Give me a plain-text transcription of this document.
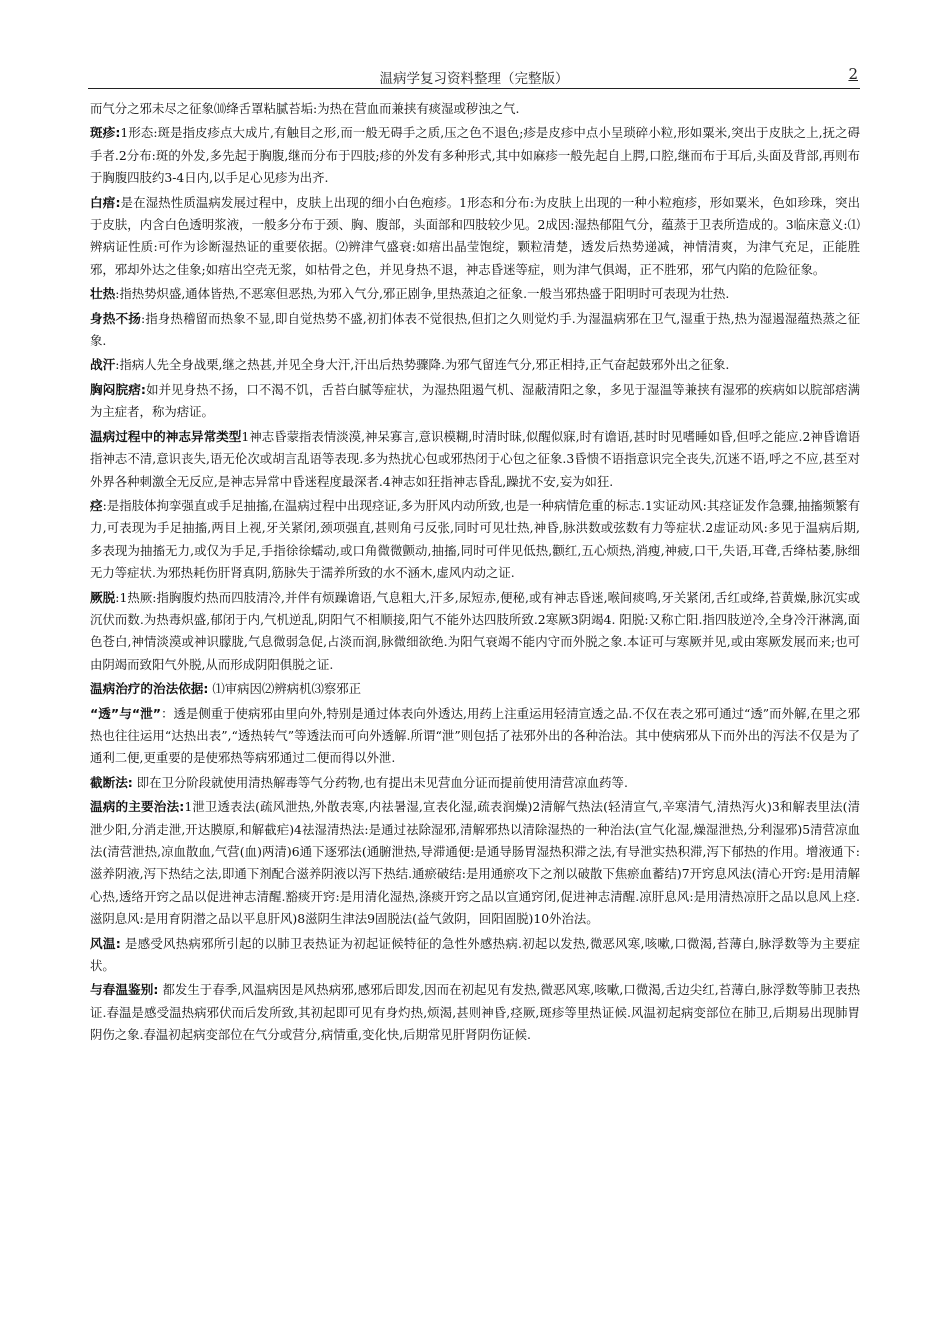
温病学复习资料整理（完整版）	2

而气分之邪未尽之征象⑽绛舌罩粘腻苔垢:为热在营血而兼挟有痰湿或秽浊之气.

斑疹:1形态:斑是指皮疹点大成片,有触目之形,而一般无碍手之质,压之色不退色;疹是皮疹中点小呈琐碎小粒,形如粟米,突出于皮肤之上,抚之碍手者.2分布:斑的外发,多先起于胸腹,继而分布于四肢;疹的外发有多种形式,其中如麻疹一般先起自上腭,口腔,继而布于耳后,头面及背部,再则布于胸腹四肢约3-4日内,以手足心见疹为出齐.

白痦:是在湿热性质温病发展过程中，皮肤上出现的细小白色疱疹。1形态和分布:为皮肤上出现的一种小粒疱疹，形如粟米，色如珍珠，突出于皮肤，内含白色透明浆液，一般多分布于颈、胸、腹部，头面部和四肢较少见。2成因:湿热郁阻气分，蕴蒸于卫表所造成的。3临床意义:⑴辨病证性质:可作为诊断湿热证的重要依据。⑵辨津气盛衰:如痦出晶莹饱绽，颗粒清楚，透发后热势递减，神情清爽，为津气充足，正能胜邪，邪却外达之佳象;如痦出空壳无浆，如枯骨之色，并见身热不退，神志昏迷等症，则为津气俱竭，正不胜邪，邪气内陷的危险征象。

壮热:指热势炽盛,通体皆热,不恶寒但恶热,为邪入气分,邪正剧争,里热蒸迫之征象.一般当邪热盛于阳明时可表现为壮热.

身热不扬:指身热稽留而热象不显,即自觉热势不盛,初扪体表不觉很热,但扪之久则觉灼手.为湿温病邪在卫气,湿重于热,热为湿遏湿蕴热蒸之征象.

战汗:指病人先全身战栗,继之热甚,并见全身大汗,汗出后热势骤降.为邪气留连气分,邪正相持,正气奋起鼓邪外出之征象.

胸闷脘痞:如并见身热不扬，口不渴不饥，舌苔白腻等症状，为湿热阻遏气机、湿蔽清阳之象，多见于湿温等兼挟有湿邪的疾病如以脘部痞满为主症者，称为痞证。

温病过程中的神志异常类型1神志昏蒙指表情淡漠,神呆寡言,意识模糊,时清时昧,似醒似寐,时有谵语,甚时时见嗜睡如昏,但呼之能应.2神昏谵语指神志不清,意识丧失,语无伦次或胡言乱语等表现.多为热扰心包或邪热闭于心包之征象.3昏愦不语指意识完全丧失,沉迷不语,呼之不应,甚至对外界各种刺激全无反应,是神志异常中昏迷程度最深者.4神志如狂指神志昏乱,躁扰不安,妄为如狂.

痉:是指肢体拘挛强直或手足抽搐,在温病过程中出现痉证,多为肝风内动所致,也是一种病情危重的标志.1实证动风:其痉证发作急骤,抽搐频繁有力,可表现为手足抽搐,两目上视,牙关紧闭,颈项强直,甚则角弓反张,同时可见壮热,神昏,脉洪数或弦数有力等症状.2虚证动风:多见于温病后期,多表现为抽搐无力,或仅为手足,手指徐徐蠕动,或口角微微颤动,抽搐,同时可伴见低热,颧红,五心烦热,消瘦,神疲,口干,失语,耳聋,舌绛枯萎,脉细无力等症状.为邪热耗伤肝肾真阴,筋脉失于濡养所致的水不涵木,虚风内动之证.

厥脱:1热厥:指胸腹灼热而四肢清冷,并伴有烦躁谵语,气息粗大,汗多,尿短赤,便秘,或有神志昏迷,喉间痰鸣,牙关紧闭,舌红或绛,苔黄燥,脉沉实或沉伏而数.为热毒炽盛,郁闭于内,气机逆乱,阴阳气不相顺接,阳气不能外达四肢所致.2寒厥3阴竭4. 阳脱:又称亡阳.指四肢逆冷,全身冷汗淋漓,面色苍白,神情淡漠或神识朦胧,气息微弱急促,占淡而润,脉微细欲绝.为阳气衰竭不能内守而外脱之象.本证可与寒厥并见,或由寒厥发展而来;也可由阴竭而致阳气外脱,从而形成阴阳俱脱之证.

温病治疗的治法依据: ⑴审病因⑵辨病机⑶察邪正

“透”与“泄”：透是侧重于使病邪由里向外,特别是通过体表向外透达,用药上注重运用轻清宣透之品.不仅在表之邪可通过“透”而外解,在里之邪热也往往运用“达热出表”,“透热转气”等透法而可向外透解.所谓“泄”则包括了祛邪外出的各种治法。其中使病邪从下而外出的泻法不仅是为了通利二便,更重要的是使邪热等病邪通过二便而得以外泄.

截断法: 即在卫分阶段就使用清热解毒等气分药物,也有提出未见营血分证而提前使用清营凉血药等.

温病的主要治法:1泄卫透表法(疏风泄热,外散表寒,内祛暑湿,宣表化湿,疏表润燥)2清解气热法(轻清宣气,辛寒清气,清热泻火)3和解表里法(清泄少阳,分消走泄,开达膜原,和解截疟)4祛湿清热法:是通过祛除湿邪,清解邪热以清除湿热的一种治法(宣气化湿,燥湿泄热,分利湿邪)5清营凉血法(清营泄热,凉血散血,气营(血)两清)6通下逐邪法(通腑泄热,导滞通便:是通导肠胃湿热积滞之法,有导泄实热积滞,泻下郁热的作用。增液通下:滋养阴液,泻下热结之法,即通下剂配合滋养阴液以泻下热结.通瘀破结:是用通瘀攻下之剂以破散下焦瘀血蓄结)7开窍息风法(清心开窍:是用清解心热,透络开窍之品以促进神志清醒.豁痰开窍:是用清化湿热,涤痰开窍之品以宣通窍闭,促进神志清醒.凉肝息风:是用清热凉肝之品以息风上痉.滋阴息风:是用育阴潜之品以平息肝风)8滋阴生津法9固脱法(益气敛阴，回阳固脱)10外治法。

风温: 是感受风热病邪所引起的以肺卫表热证为初起证候特征的急性外感热病.初起以发热,微恶风寒,咳嗽,口微渴,苔薄白,脉浮数等为主要症状。

与春温鉴别: 都发生于春季,风温病因是风热病邪,感邪后即发,因而在初起见有发热,微恶风寒,咳嗽,口微渴,舌边尖红,苔薄白,脉浮数等肺卫表热证.春温是感受温热病邪伏而后发所致,其初起即可见有身灼热,烦渴,甚则神昏,痉厥,斑疹等里热证候.风温初起病变部位在肺卫,后期易出现肺胃阴伤之象.春温初起病变部位在气分或营分,病情重,变化快,后期常见肝肾阴伤证候.
